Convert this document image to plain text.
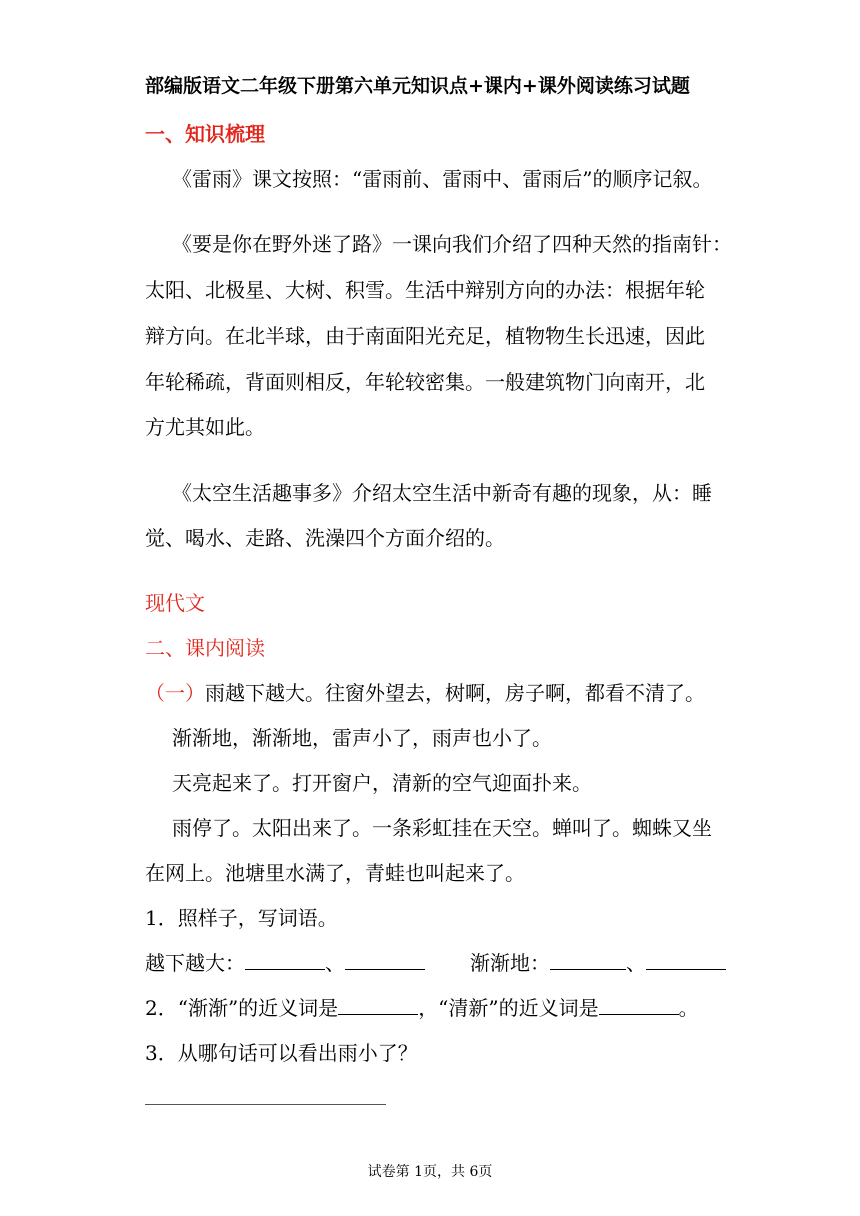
部编版语文二年级下册第六单元知识点+课内+课外阅读练习试题
一、知识梳理
《雷雨》课文按照：“雷雨前、雷雨中、雷雨后”的顺序记叙。
《要是你在野外迷了路》一课向我们介绍了四种天然的指南针：
太阳、北极星、大树、积雪。生活中辩别方向的办法：根据年轮
辩方向。在北半球，由于南面阳光充足，植物物生长迅速，因此
年轮稀疏，背面则相反，年轮较密集。一般建筑物门向南开，北
方尤其如此。
《太空生活趣事多》介绍太空生活中新奇有趣的现象，从：睡
觉、喝水、走路、洗澡四个方面介绍的。
现代文
二、课内阅读
（一）雨越下越大。往窗外望去，树啊，房子啊，都看不清了。
渐渐地，渐渐地，雷声小了，雨声也小了。
天亮起来了。打开窗户，清新的空气迎面扑来。
雨停了。太阳出来了。一条彩虹挂在天空。蝉叫了。蜘蛛又坐
在网上。池塘里水满了，青蛙也叫起来了。
1．照样子，写词语。
越下越大：	、	渐渐地：	、
2．“渐渐”的近义词是	，“清新”的近义词是	。
3．从哪句话可以看出雨小了？
试卷第 1页，共 6页
